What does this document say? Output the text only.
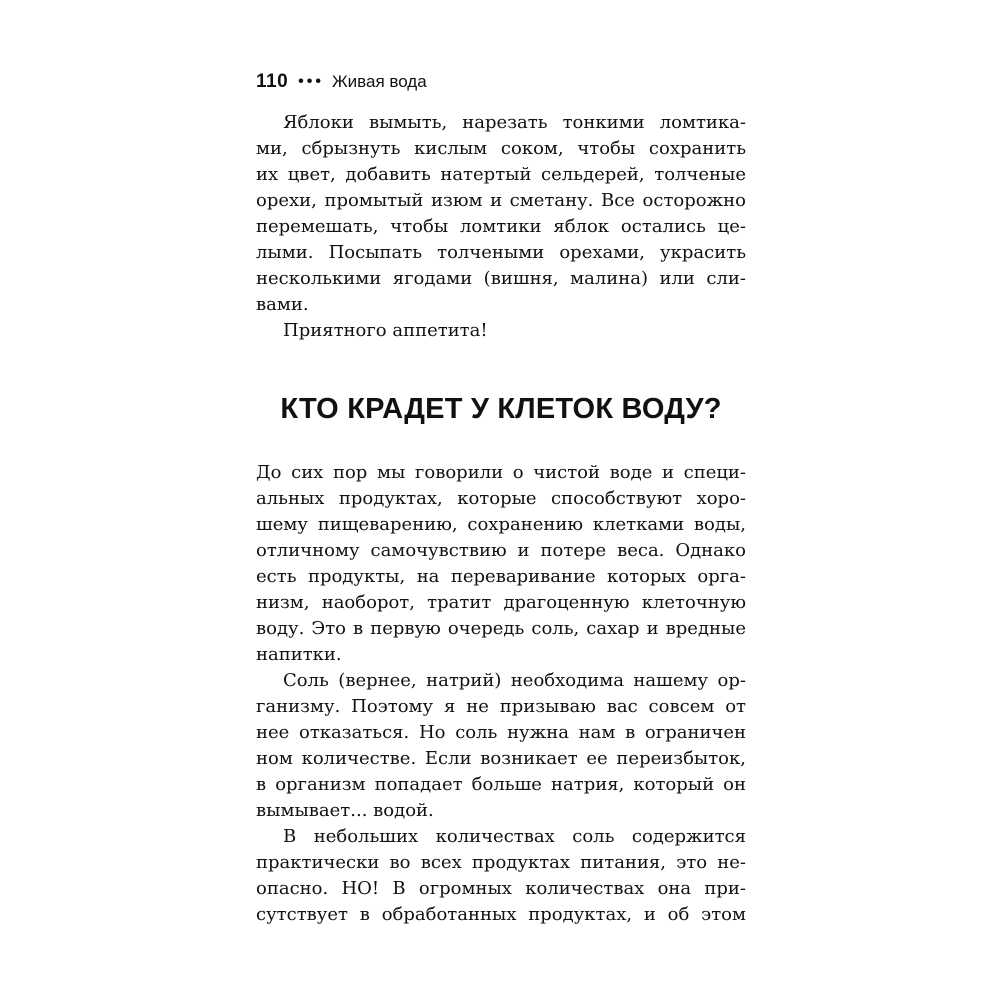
110 ••• Живая вода
Яблоки вымыть, нарезать тонкими ломтика-
ми, сбрызнуть кислым соком, чтобы сохранить
их цвет, добавить натертый сельдерей, толченые
орехи, промытый изюм и сметану. Все осторожно
перемешать, чтобы ломтики яблок остались це-
лыми. Посыпать толчеными орехами, украсить
несколькими ягодами (вишня, малина) или сли-
вами.
Приятного аппетита!
КТО КРАДЕТ У КЛЕТОК ВОДУ?
До сих пор мы говорили о чистой воде и специ-
альных продуктах, которые способствуют хоро-
шему пищеварению, сохранению клетками воды,
отличному самочувствию и потере веса. Однако
есть продукты, на переваривание которых орга-
низм, наоборот, тратит драгоценную клеточную
воду. Это в первую очередь соль, сахар и вредные
напитки.
Соль (вернее, натрий) необходима нашему ор-
ганизму. Поэтому я не призываю вас совсем от
нее отказаться. Но соль нужна нам в ограничен
ном количестве. Если возникает ее переизбыток,
в организм попадает больше натрия, который он
вымывает... водой.
В небольших количествах соль содержится
практически во всех продуктах питания, это не-
опасно. НО! В огромных количествах она при-
сутствует в обработанных продуктах, и об этом
